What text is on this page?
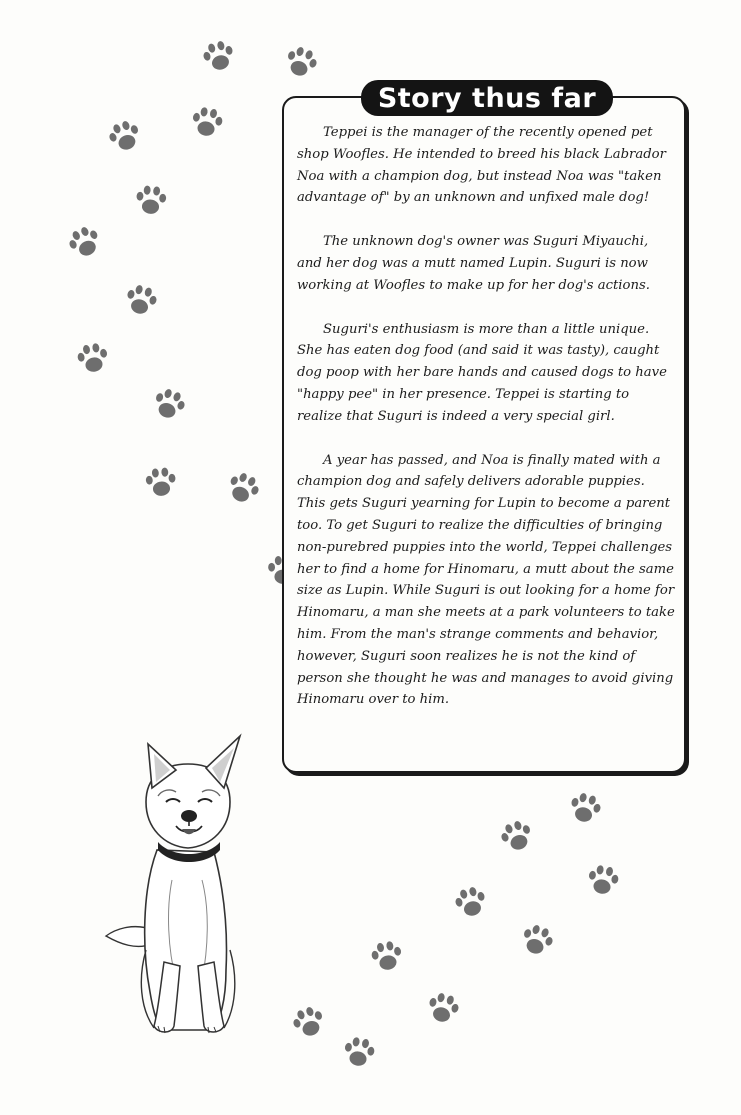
Story thus far

Teppei is the manager of the recently opened pet shop Woofles. He intended to breed his black Labrador Noa with a champion dog, but instead Noa was "taken advantage of" by an unknown and unfixed male dog!

The unknown dog's owner was Suguri Miyauchi, and her dog was a mutt named Lupin. Suguri is now working at Woofles to make up for her dog's actions.

Suguri's enthusiasm is more than a little unique. She has eaten dog food (and said it was tasty), caught dog poop with her bare hands and caused dogs to have "happy pee" in her presence. Teppei is starting to realize that Suguri is indeed a very special girl.

A year has passed, and Noa is finally mated with a champion dog and safely delivers adorable puppies. This gets Suguri yearning for Lupin to become a parent too. To get Suguri to realize the difficulties of bringing non-purebred puppies into the world, Teppei challenges her to find a home for Hinomaru, a mutt about the same size as Lupin. While Suguri is out looking for a home for Hinomaru, a man she meets at a park volunteers to take him. From the man's strange comments and behavior, however, Suguri soon realizes he is not the kind of person she thought he was and manages to avoid giving Hinomaru over to him.
